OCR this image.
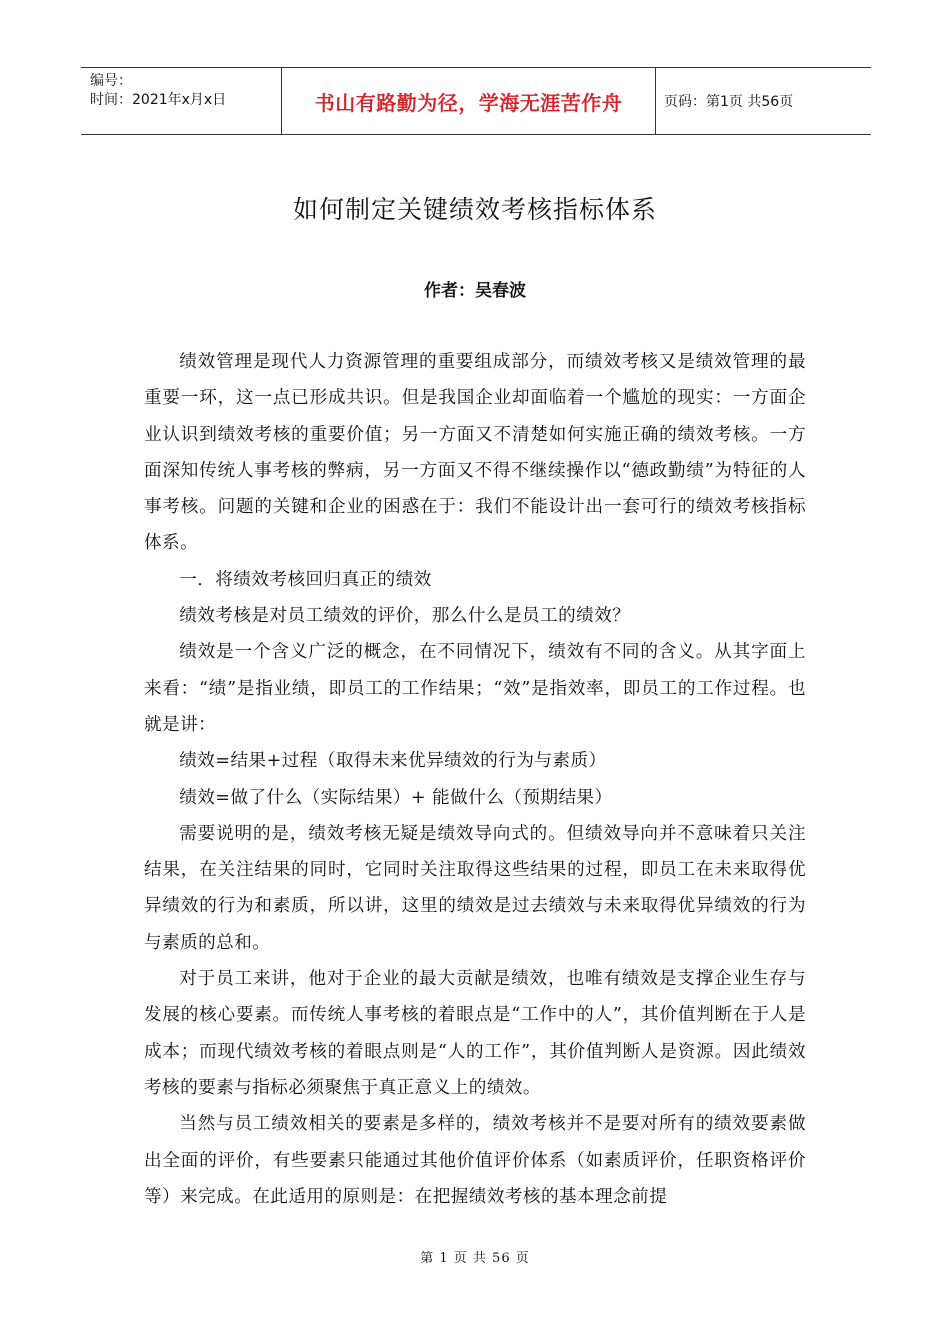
编号：
时间：2021年x月x日	书山有路勤为径，学海无涯苦作舟	页码：第1页 共56页
如何制定关键绩效考核指标体系
作者：吴春波

绩效管理是现代人力资源管理的重要组成部分，而绩效考核又是绩效管理的最重要一环，这一点已形成共识。但是我国企业却面临着一个尴尬的现实：一方面企业认识到绩效考核的重要价值；另一方面又不清楚如何实施正确的绩效考核。一方面深知传统人事考核的弊病，另一方面又不得不继续操作以“德政勤绩”为特征的人事考核。问题的关键和企业的困惑在于：我们不能设计出一套可行的绩效考核指标体系。

一．将绩效考核回归真正的绩效

绩效考核是对员工绩效的评价，那么什么是员工的绩效？

绩效是一个含义广泛的概念，在不同情况下，绩效有不同的含义。从其字面上来看：“绩”是指业绩，即员工的工作结果；“效”是指效率，即员工的工作过程。也就是讲：

绩效=结果+过程（取得未来优异绩效的行为与素质）

绩效=做了什么（实际结果）+ 能做什么（预期结果）

需要说明的是，绩效考核无疑是绩效导向式的。但绩效导向并不意味着只关注结果，在关注结果的同时，它同时关注取得这些结果的过程，即员工在未来取得优异绩效的行为和素质，所以讲，这里的绩效是过去绩效与未来取得优异绩效的行为与素质的总和。

对于员工来讲，他对于企业的最大贡献是绩效，也唯有绩效是支撑企业生存与发展的核心要素。而传统人事考核的着眼点是“工作中的人”，其价值判断在于人是成本；而现代绩效考核的着眼点则是“人的工作”，其价值判断人是资源。因此绩效考核的要素与指标必须聚焦于真正意义上的绩效。

当然与员工绩效相关的要素是多样的，绩效考核并不是要对所有的绩效要素做出全面的评价，有些要素只能通过其他价值评价体系（如素质评价，任职资格评价等）来完成。在此适用的原则是：在把握绩效考核的基本理念前提

第 1 页 共 56 页
